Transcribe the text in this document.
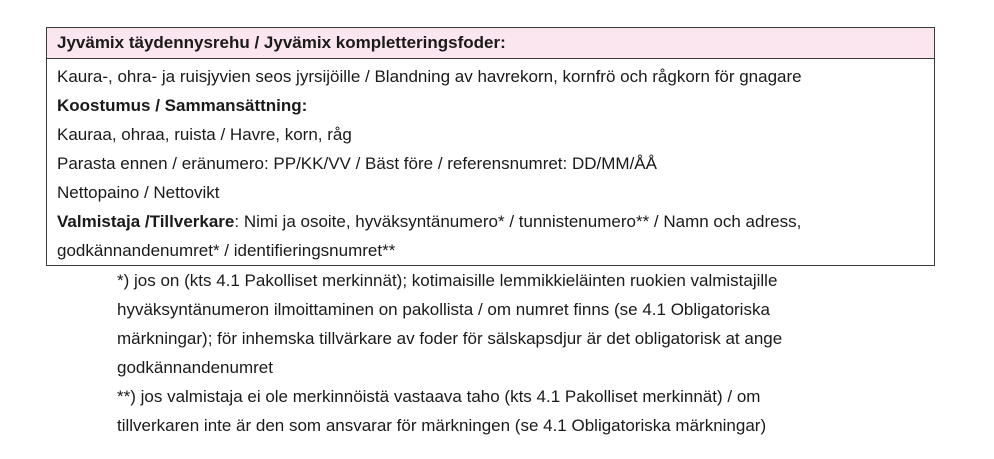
Jyvämix täydennysrehu / Jyvämix kompletteringsfoder:
Kaura-, ohra- ja ruisjyvien seos jyrsijöille / Blandning av havrekorn, kornfrö och rågkorn för gnagare
Koostumus / Sammansättning:
Kauraa, ohraa, ruista / Havre, korn, råg
Parasta ennen / eränumero: PP/KK/VV / Bäst före / referensnumret: DD/MM/ÅÅ
Nettopaino / Nettovikt
Valmistaja /Tillverkare: Nimi ja osoite, hyväksyntänumero* / tunnistenumero** / Namn och adress,
godkännandenumret* / identifieringsnumret**
*) jos on (kts 4.1 Pakolliset merkinnät); kotimaisille lemmikkieläinten ruokien valmistajille
hyväksyntänumeron ilmoittaminen on pakollista / om numret finns (se 4.1 Obligatoriska
märkningar); för inhemska tillvärkare av foder för sälskapsdjur är det obligatorisk at ange
godkännandenumret
**) jos valmistaja ei ole merkinnöistä vastaava taho (kts 4.1 Pakolliset merkinnät) / om
tillverkaren inte är den som ansvarar för märkningen (se 4.1 Obligatoriska märkningar)
